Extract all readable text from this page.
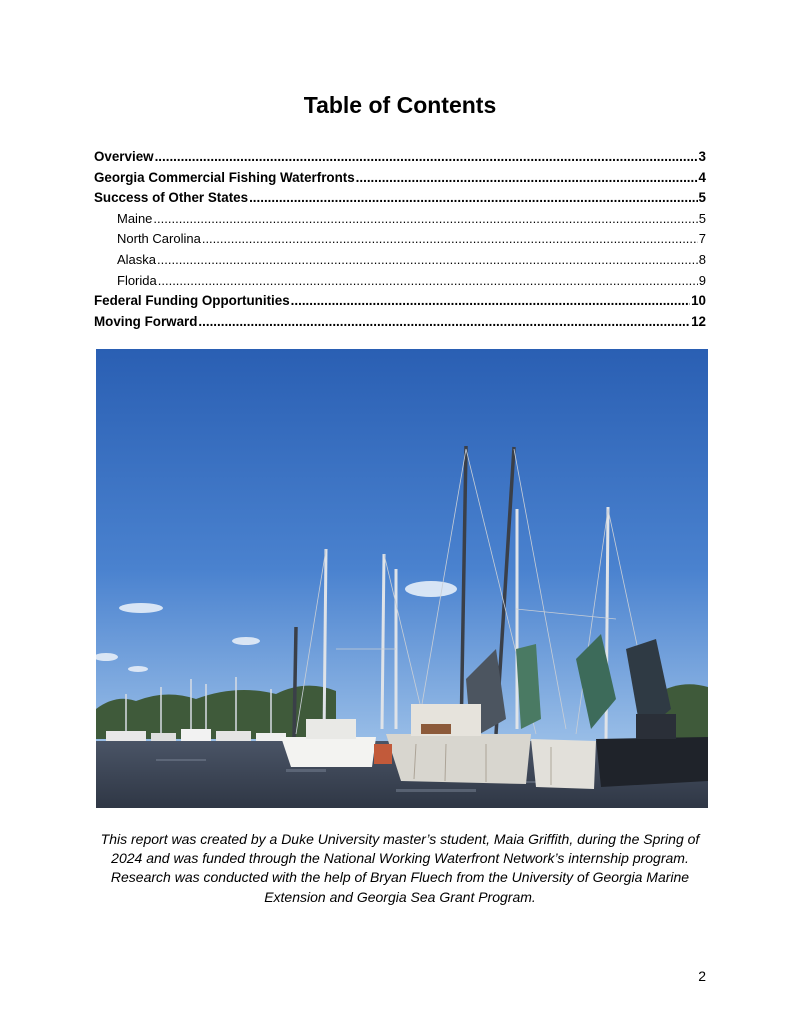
Table of Contents
Overview .....	3
Georgia Commercial Fishing Waterfronts .....	4
Success of Other States .....	5
Maine .....	5
North Carolina .....	7
Alaska .....	8
Florida .....	9
Federal Funding Opportunities .....	10
Moving Forward .....	12
This report was created by a Duke University master’s student, Maia Griffith, during the Spring of 2024 and was funded through the National Working Waterfront Network’s internship program. Research was conducted with the help of Bryan Fluech from the University of Georgia Marine Extension and Georgia Sea Grant Program.
2
